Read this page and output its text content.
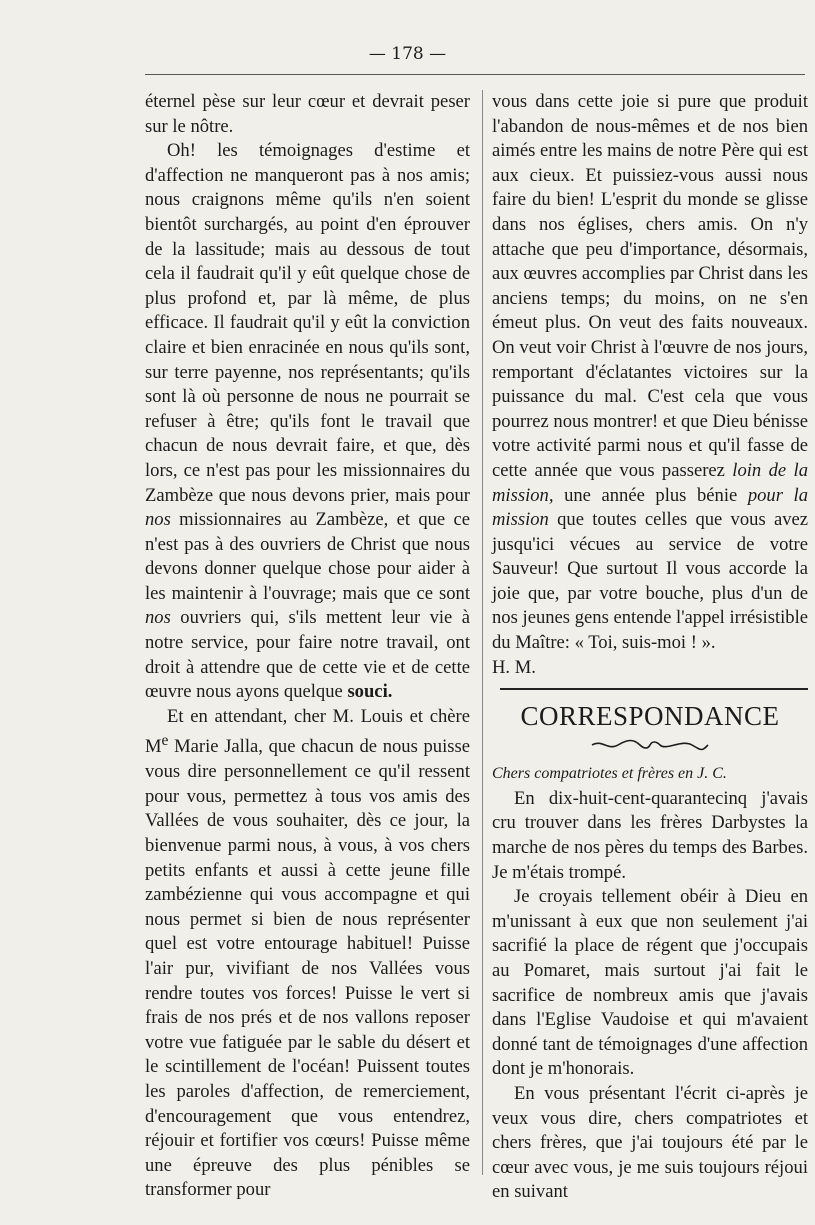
— 178 —

éternel pèse sur leur cœur et devrait peser sur le nôtre.

Oh! les témoignages d'estime et d'affection ne manqueront pas à nos amis; nous craignons même qu'ils n'en soient bientôt surchargés, au point d'en éprouver de la lassitude; mais au dessous de tout cela il faudrait qu'il y eût quelque chose de plus profond et, par là même, de plus efficace. Il faudrait qu'il y eût la conviction claire et bien enracinée en nous qu'ils sont, sur terre payenne, nos représentants; qu'ils sont là où personne de nous ne pourrait se refuser à être; qu'ils font le travail que chacun de nous devrait faire, et que, dès lors, ce n'est pas pour les missionnaires du Zambèze que nous devons prier, mais pour nos missionnaires au Zambèze, et que ce n'est pas à des ouvriers de Christ que nous devons donner quelque chose pour aider à les maintenir à l'ouvrage; mais que ce sont nos ouvriers qui, s'ils mettent leur vie à notre service, pour faire notre travail, ont droit à attendre que de cette vie et de cette œuvre nous ayons quelque souci.

Et en attendant, cher M. Louis et chère Me Marie Jalla, que chacun de nous puisse vous dire personnellement ce qu'il ressent pour vous, permettez à tous vos amis des Vallées de vous souhaiter, dès ce jour, la bienvenue parmi nous, à vous, à vos chers petits enfants et aussi à cette jeune fille zambézienne qui vous accompagne et qui nous permet si bien de nous représenter quel est votre entourage habituel! Puisse l'air pur, vivifiant de nos Vallées vous rendre toutes vos forces! Puisse le vert si frais de nos prés et de nos vallons reposer votre vue fatiguée par le sable du désert et le scintillement de l'océan! Puissent toutes les paroles d'affection, de remerciement, d'encouragement que vous entendrez, réjouir et fortifier vos cœurs! Puisse même une épreuve des plus pénibles se transformer pour

vous dans cette joie si pure que produit l'abandon de nous-mêmes et de nos bien aimés entre les mains de notre Père qui est aux cieux. Et puissiez-vous aussi nous faire du bien! L'esprit du monde se glisse dans nos églises, chers amis. On n'y attache que peu d'importance, désormais, aux œuvres accomplies par Christ dans les anciens temps; du moins, on ne s'en émeut plus. On veut des faits nouveaux. On veut voir Christ à l'œuvre de nos jours, remportant d'éclatantes victoires sur la puissance du mal. C'est cela que vous pourrez nous montrer! et que Dieu bénisse votre activité parmi nous et qu'il fasse de cette année que vous passerez loin de la mission, une année plus bénie pour la mission que toutes celles que vous avez jusqu'ici vécues au service de votre Sauveur! Que surtout Il vous accorde la joie que, par votre bouche, plus d'un de nos jeunes gens entende l'appel irrésistible du Maître: « Toi, suis-moi ! ».

H. M.

CORRESPONDANCE

Chers compatriotes et frères en J. C.

En dix-huit-cent-quarantecinq j'avais cru trouver dans les frères Darbystes la marche de nos pères du temps des Barbes. Je m'étais trompé.

Je croyais tellement obéir à Dieu en m'unissant à eux que non seulement j'ai sacrifié la place de régent que j'occupais au Pomaret, mais surtout j'ai fait le sacrifice de nombreux amis que j'avais dans l'Eglise Vaudoise et qui m'avaient donné tant de témoignages d'une affection dont je m'honorais.

En vous présentant l'écrit ci-après je veux vous dire, chers compatriotes et chers frères, que j'ai toujours été par le cœur avec vous, je me suis toujours réjoui en suivant
